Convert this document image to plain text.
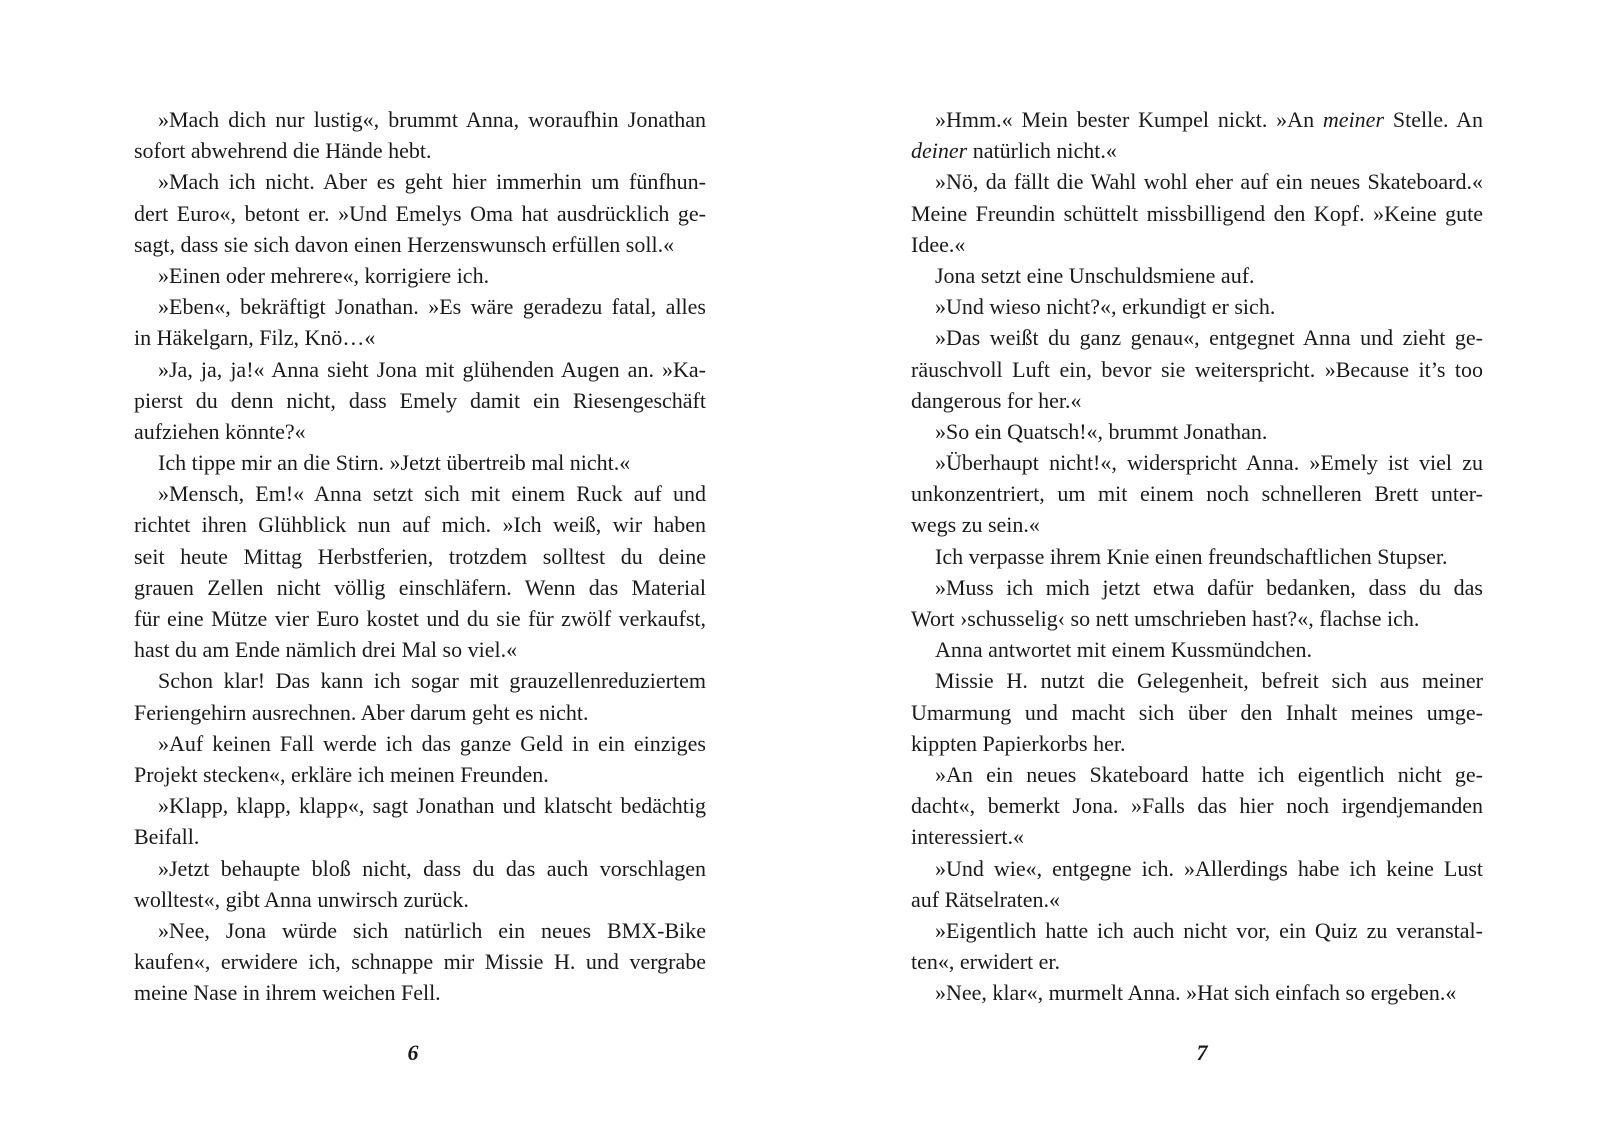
»Mach dich nur lustig«, brummt Anna, woraufhin Jonathan
sofort abwehrend die Hände hebt.
»Mach ich nicht. Aber es geht hier immerhin um fünfhun-
dert Euro«, betont er. »Und Emelys Oma hat ausdrücklich ge-
sagt, dass sie sich davon einen Herzenswunsch erfüllen soll.«
»Einen oder mehrere«, korrigiere ich.
»Eben«, bekräftigt Jonathan. »Es wäre geradezu fatal, alles
in Häkelgarn, Filz, Knö…«
»Ja, ja, ja!« Anna sieht Jona mit glühenden Augen an. »Ka-
pierst du denn nicht, dass Emely damit ein Riesengeschäft
aufziehen könnte?«
Ich tippe mir an die Stirn. »Jetzt übertreib mal nicht.«
»Mensch, Em!« Anna setzt sich mit einem Ruck auf und
richtet ihren Glühblick nun auf mich. »Ich weiß, wir haben
seit heute Mittag Herbstferien, trotzdem solltest du deine
grauen Zellen nicht völlig einschläfern. Wenn das Material
für eine Mütze vier Euro kostet und du sie für zwölf verkaufst,
hast du am Ende nämlich drei Mal so viel.«
Schon klar! Das kann ich sogar mit grauzellenreduziertem
Feriengehirn ausrechnen. Aber darum geht es nicht.
»Auf keinen Fall werde ich das ganze Geld in ein einziges
Projekt stecken«, erkläre ich meinen Freunden.
»Klapp, klapp, klapp«, sagt Jonathan und klatscht bedächtig
Beifall.
»Jetzt behaupte bloß nicht, dass du das auch vorschlagen
wolltest«, gibt Anna unwirsch zurück.
»Nee, Jona würde sich natürlich ein neues BMX-Bike
kaufen«, erwidere ich, schnappe mir Missie H. und vergrabe
meine Nase in ihrem weichen Fell.
»Hmm.« Mein bester Kumpel nickt. »An meiner Stelle. An
deiner natürlich nicht.«
»Nö, da fällt die Wahl wohl eher auf ein neues Skateboard.«
Meine Freundin schüttelt missbilligend den Kopf. »Keine gute
Idee.«
Jona setzt eine Unschuldsmiene auf.
»Und wieso nicht?«, erkundigt er sich.
»Das weißt du ganz genau«, entgegnet Anna und zieht ge-
räuschvoll Luft ein, bevor sie weiterspricht. »Because it’s too
dangerous for her.«
»So ein Quatsch!«, brummt Jonathan.
»Überhaupt nicht!«, widerspricht Anna. »Emely ist viel zu
unkonzentriert, um mit einem noch schnelleren Brett unter-
wegs zu sein.«
Ich verpasse ihrem Knie einen freundschaftlichen Stupser.
»Muss ich mich jetzt etwa dafür bedanken, dass du das
Wort ›schusselig‹ so nett umschrieben hast?«, flachse ich.
Anna antwortet mit einem Kussmündchen.
Missie H. nutzt die Gelegenheit, befreit sich aus meiner
Umarmung und macht sich über den Inhalt meines umge-
kippten Papierkorbs her.
»An ein neues Skateboard hatte ich eigentlich nicht ge-
dacht«, bemerkt Jona. »Falls das hier noch irgendjemanden
interessiert.«
»Und wie«, entgegne ich. »Allerdings habe ich keine Lust
auf Rätselraten.«
»Eigentlich hatte ich auch nicht vor, ein Quiz zu veranstal-
ten«, erwidert er.
»Nee, klar«, murmelt Anna. »Hat sich einfach so ergeben.«
6	7
